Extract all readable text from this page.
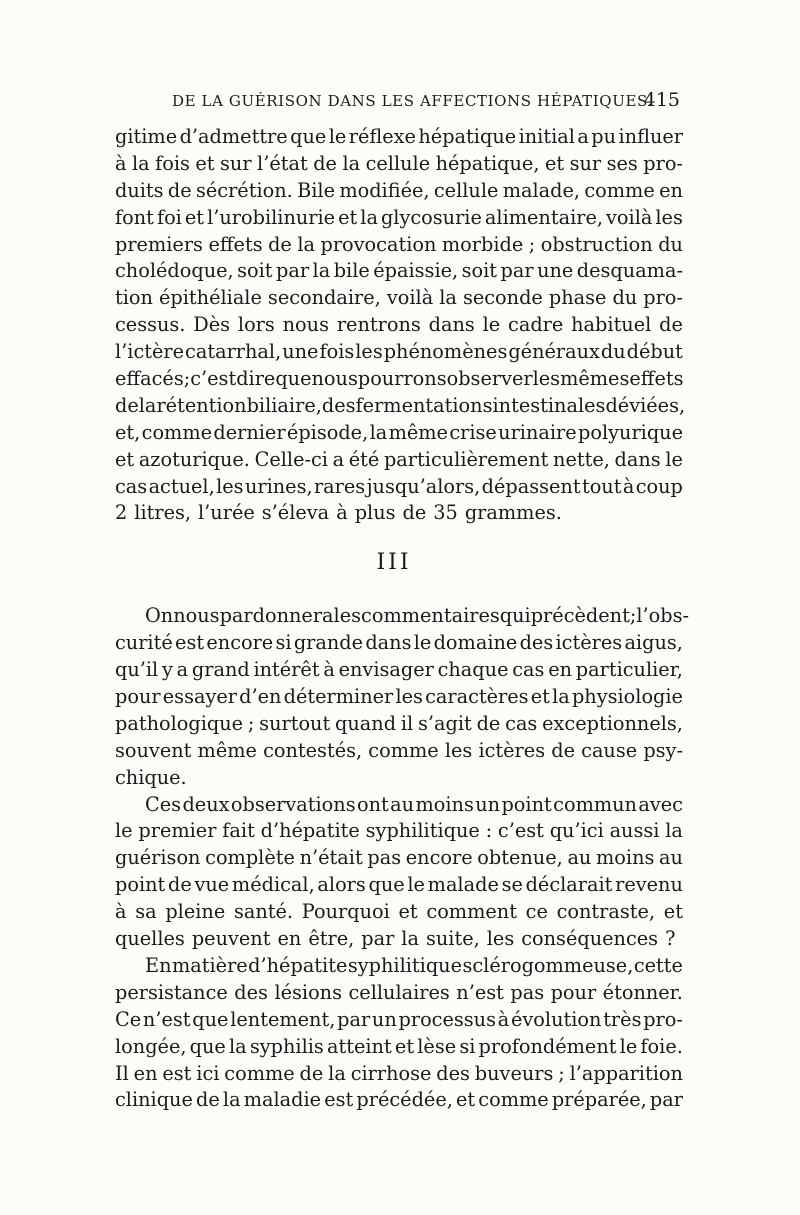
DE LA GUÉRISON DANS LES AFFECTIONS HÉPATIQUES.
415
gitime d’admettre que le réflexe hépatique initial a pu influer
à la fois et sur l’état de la cellule hépatique, et sur ses pro-
duits de sécrétion. Bile modifiée, cellule malade, comme en
font foi et l’urobilinurie et la glycosurie alimentaire, voilà les
premiers effets de la provocation morbide ; obstruction du
cholédoque, soit par la bile épaissie, soit par une desquama-
tion épithéliale secondaire, voilà la seconde phase du pro-
cessus. Dès lors nous rentrons dans le cadre habituel de
l’ictère catarrhal, une fois les phénomènes généraux du début
effacés ; c’est dire que nous pourrons observer les mêmes effets
de la rétention biliaire, des fermentations intestinales déviées,
et, comme dernier épisode, la même crise urinaire polyurique
et azoturique. Celle-ci a été particulièrement nette, dans le
cas actuel, les urines, rares jusqu’alors, dépassent tout à coup
2 litres, l’urée s’éleva à plus de 35 grammes.
III
On nous pardonnera les commentaires qui précèdent ; l’obs-
curité est encore si grande dans le domaine des ictères aigus,
qu’il y a grand intérêt à envisager chaque cas en particulier,
pour essayer d’en déterminer les caractères et la physiologie
pathologique ; surtout quand il s’agit de cas exceptionnels,
souvent même contestés, comme les ictères de cause psy-
chique.
Ces deux observations ont au moins un point commun avec
le premier fait d’hépatite syphilitique : c’est qu’ici aussi la
guérison complète n’était pas encore obtenue, au moins au
point de vue médical, alors que le malade se déclarait revenu
à sa pleine santé. Pourquoi et comment ce contraste, et
quelles peuvent en être, par la suite, les conséquences ?
En matière d’hépatite syphilitique sclérogommeuse, cette
persistance des lésions cellulaires n’est pas pour étonner.
Ce n’est que lentement, par un processus à évolution très pro-
longée, que la syphilis atteint et lèse si profondément le foie.
Il en est ici comme de la cirrhose des buveurs ; l’apparition
clinique de la maladie est précédée, et comme préparée, par
